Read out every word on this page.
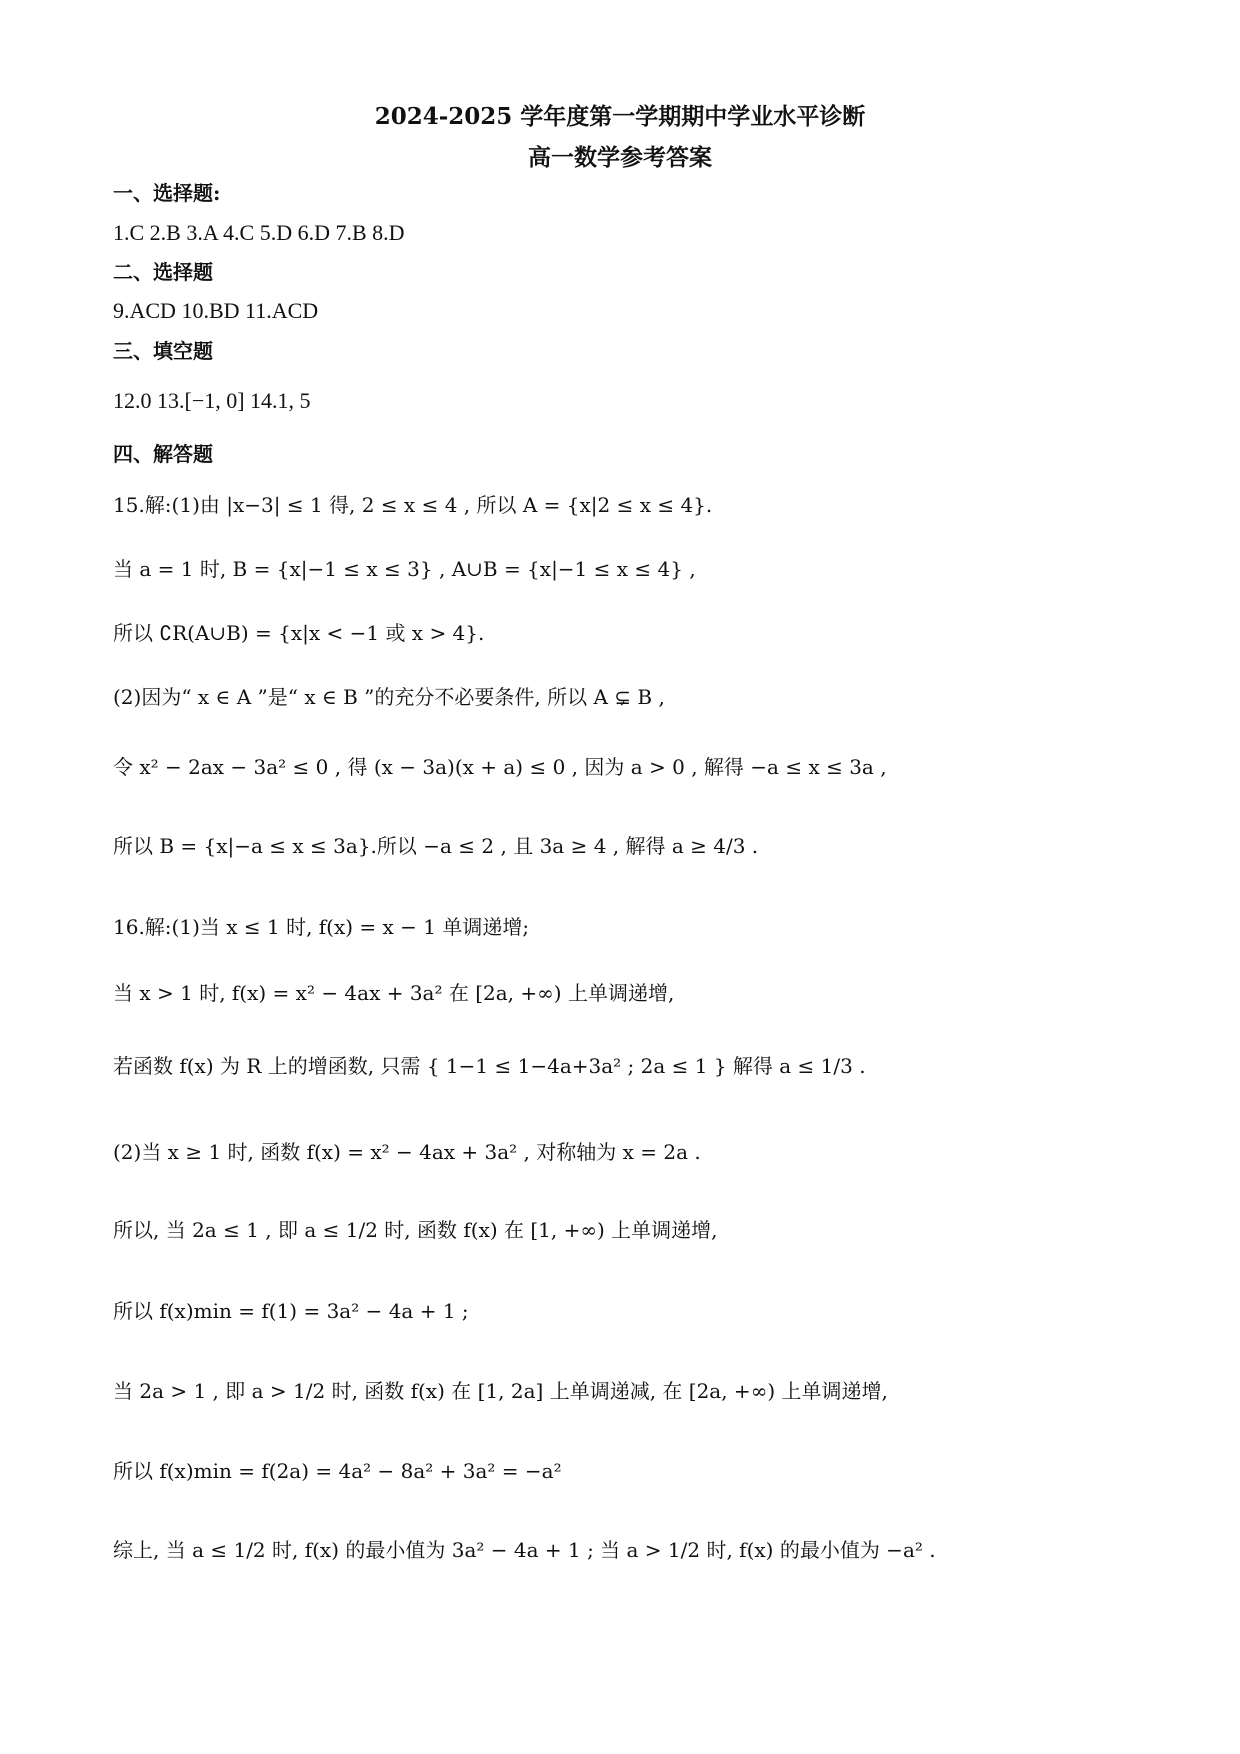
2024-2025 学年度第一学期期中学业水平诊断
高一数学参考答案
一、选择题:
1.C 2.B 3.A 4.C 5.D 6.D 7.B 8.D
二、选择题
9.ACD 10.BD 11.ACD
三、填空题
12.0 13.[−1, 0] 14.1, 5
四、解答题
15.解:(1)由 |x−3| ≤ 1 得, 2 ≤ x ≤ 4 , 所以 A = {x|2 ≤ x ≤ 4}.
当 a = 1 时, B = {x|−1 ≤ x ≤ 3} , A∪B = {x|−1 ≤ x ≤ 4} ,
所以 ∁R(A∪B) = {x|x < −1 或 x > 4}.
(2)因为“ x ∈ A ”是“ x ∈ B ”的充分不必要条件, 所以 A ⊊ B ,
令 x² − 2ax − 3a² ≤ 0 , 得 (x − 3a)(x + a) ≤ 0 , 因为 a > 0 , 解得 −a ≤ x ≤ 3a ,
所以 B = {x|−a ≤ x ≤ 3a}.所以 −a ≤ 2 , 且 3a ≥ 4 , 解得 a ≥ 4/3 .
16.解:(1)当 x ≤ 1 时, f(x) = x − 1 单调递增;
当 x > 1 时, f(x) = x² − 4ax + 3a² 在 [2a, +∞) 上单调递增,
若函数 f(x) 为 R 上的增函数, 只需 { 1−1 ≤ 1−4a+3a² ; 2a ≤ 1 } 解得 a ≤ 1/3 .
(2)当 x ≥ 1 时, 函数 f(x) = x² − 4ax + 3a² , 对称轴为 x = 2a .
所以, 当 2a ≤ 1 , 即 a ≤ 1/2 时, 函数 f(x) 在 [1, +∞) 上单调递增,
所以 f(x)min = f(1) = 3a² − 4a + 1 ;
当 2a > 1 , 即 a > 1/2 时, 函数 f(x) 在 [1, 2a] 上单调递减, 在 [2a, +∞) 上单调递增,
所以 f(x)min = f(2a) = 4a² − 8a² + 3a² = −a²
综上, 当 a ≤ 1/2 时, f(x) 的最小值为 3a² − 4a + 1 ; 当 a > 1/2 时, f(x) 的最小值为 −a² .
